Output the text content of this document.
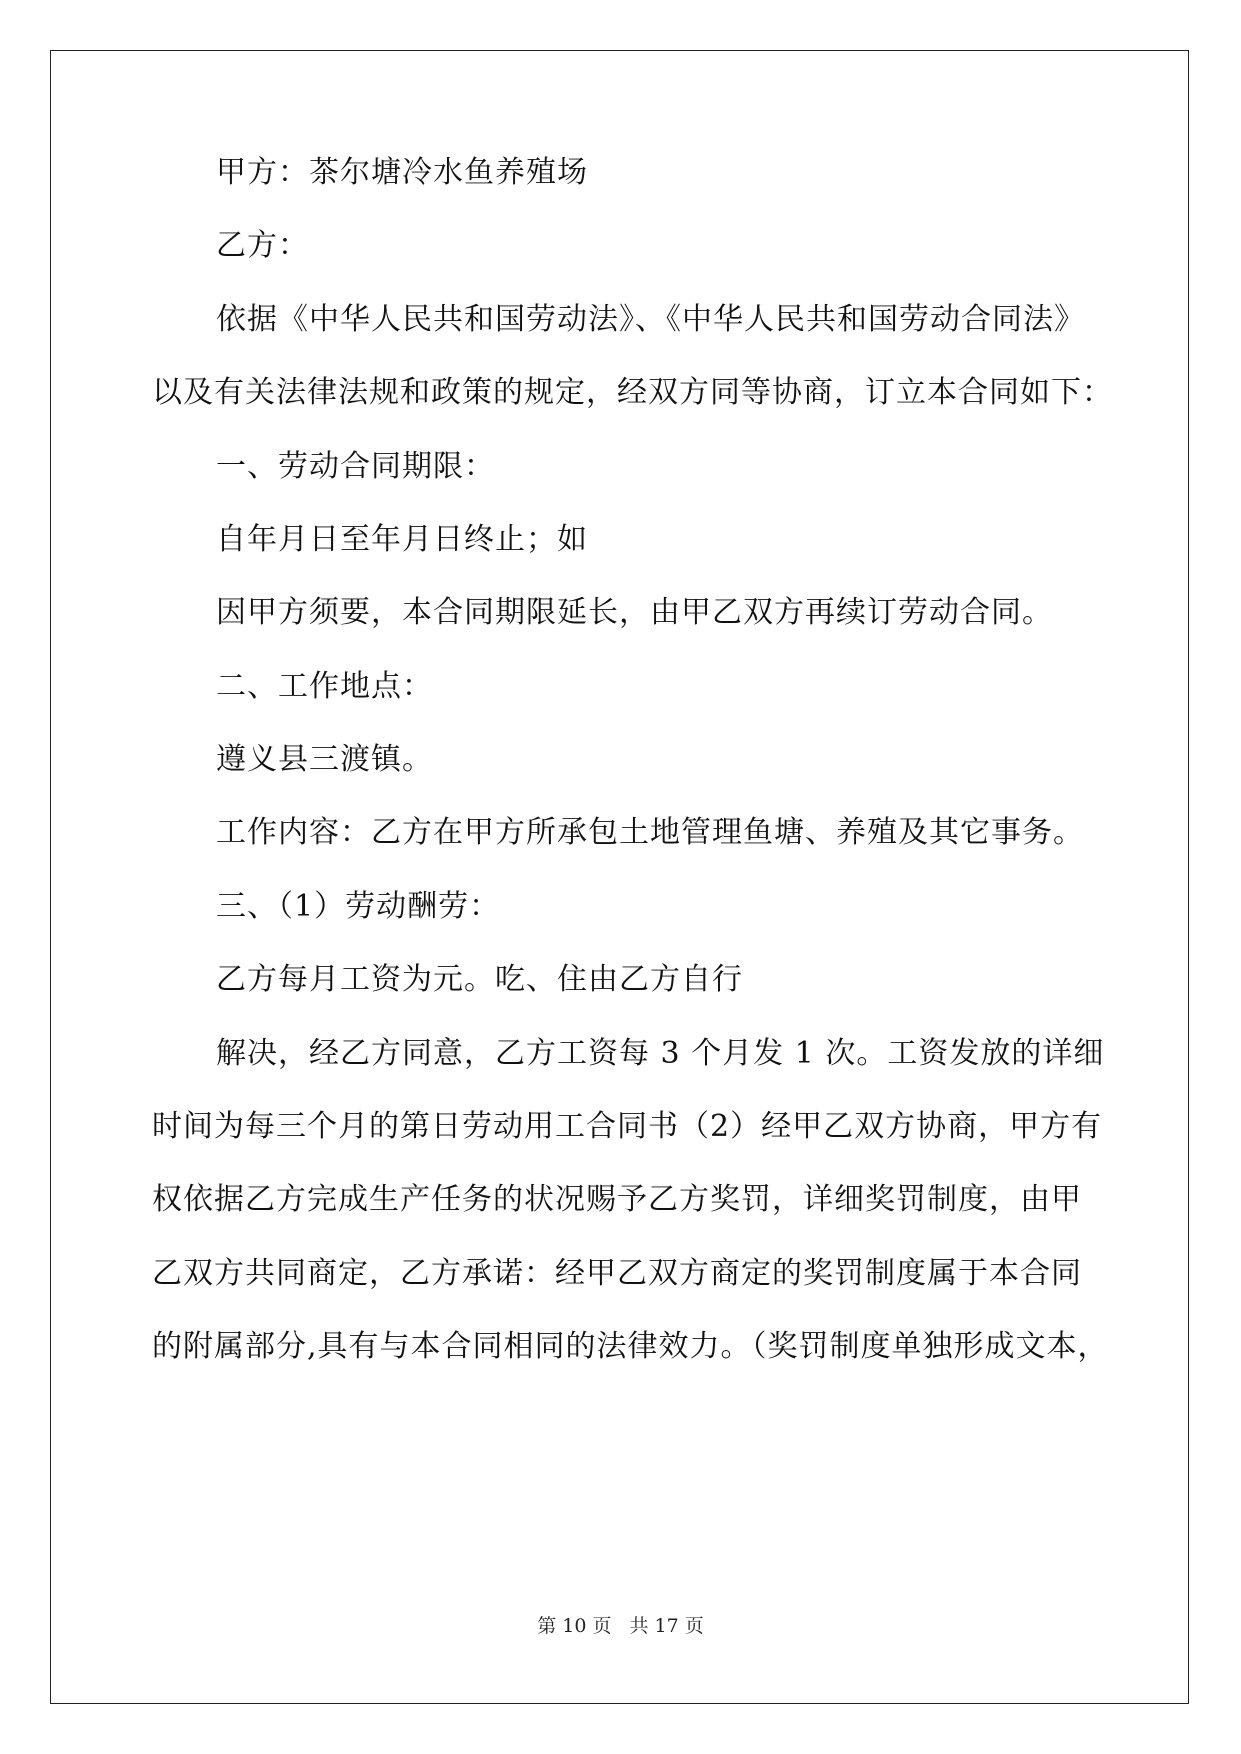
甲方：茶尔塘冷水鱼养殖场
乙方：
依据《中华人民共和国劳动法》、《中华人民共和国劳动合同法》
以及有关法律法规和政策的规定，经双方同等协商，订立本合同如下：
一、劳动合同期限：
自年月日至年月日终止；如
因甲方须要，本合同期限延长，由甲乙双方再续订劳动合同。
二、工作地点：
遵义县三渡镇。
工作内容：乙方在甲方所承包土地管理鱼塘、养殖及其它事务。
三、（1）劳动酬劳：
乙方每月工资为元。吃、住由乙方自行
解决，经乙方同意，乙方工资每 3 个月发 1 次。工资发放的详细
时间为每三个月的第日劳动用工合同书（2）经甲乙双方协商，甲方有
权依据乙方完成生产任务的状况赐予乙方奖罚，详细奖罚制度，由甲
乙双方共同商定，乙方承诺：经甲乙双方商定的奖罚制度属于本合同
的附属部分,具有与本合同相同的法律效力。（奖罚制度单独形成文本，
第 10 页 共 17 页
